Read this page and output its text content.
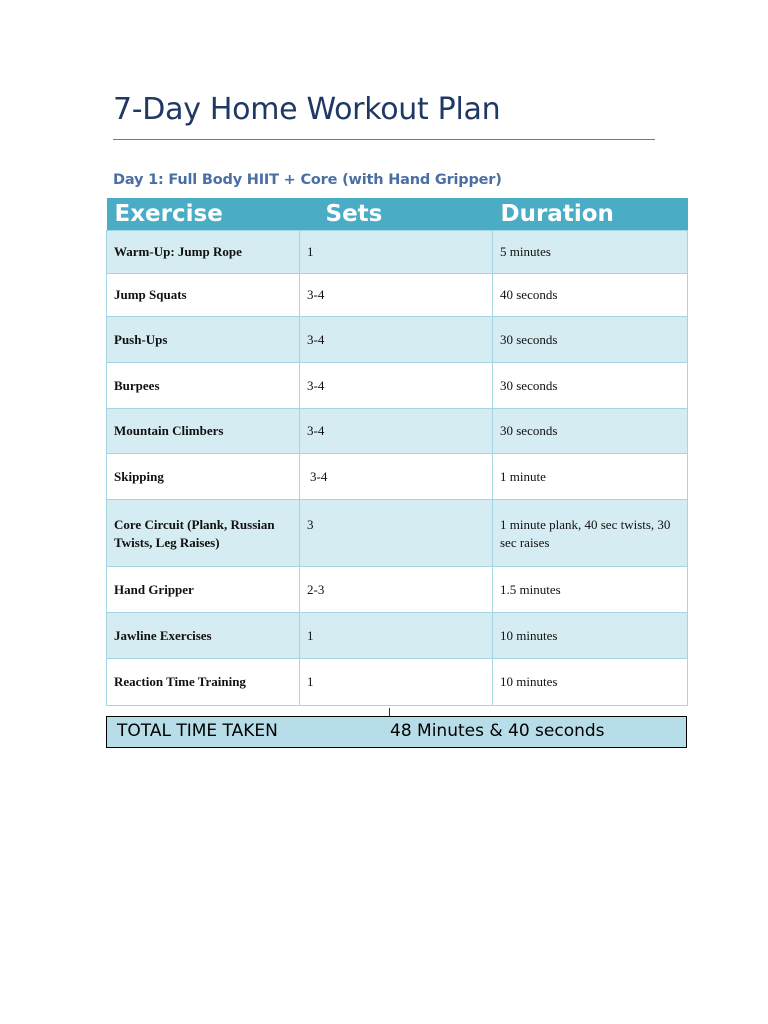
7-Day Home Workout Plan
Day 1: Full Body HIIT + Core (with Hand Gripper)
Exercise	Sets	Duration
Warm-Up: Jump Rope	1	5 minutes
Jump Squats	3-4	40 seconds
Push-Ups	3-4	30 seconds
Burpees	3-4	30 seconds
Mountain Climbers	3-4	30 seconds
Skipping	3-4	1 minute
Core Circuit (Plank, Russian Twists, Leg Raises)	3	1 minute plank, 40 sec twists, 30 sec raises
Hand Gripper	2-3	1.5 minutes
Jawline Exercises	1	10 minutes
Reaction Time Training	1	10 minutes
TOTAL TIME TAKEN	48 Minutes & 40 seconds
